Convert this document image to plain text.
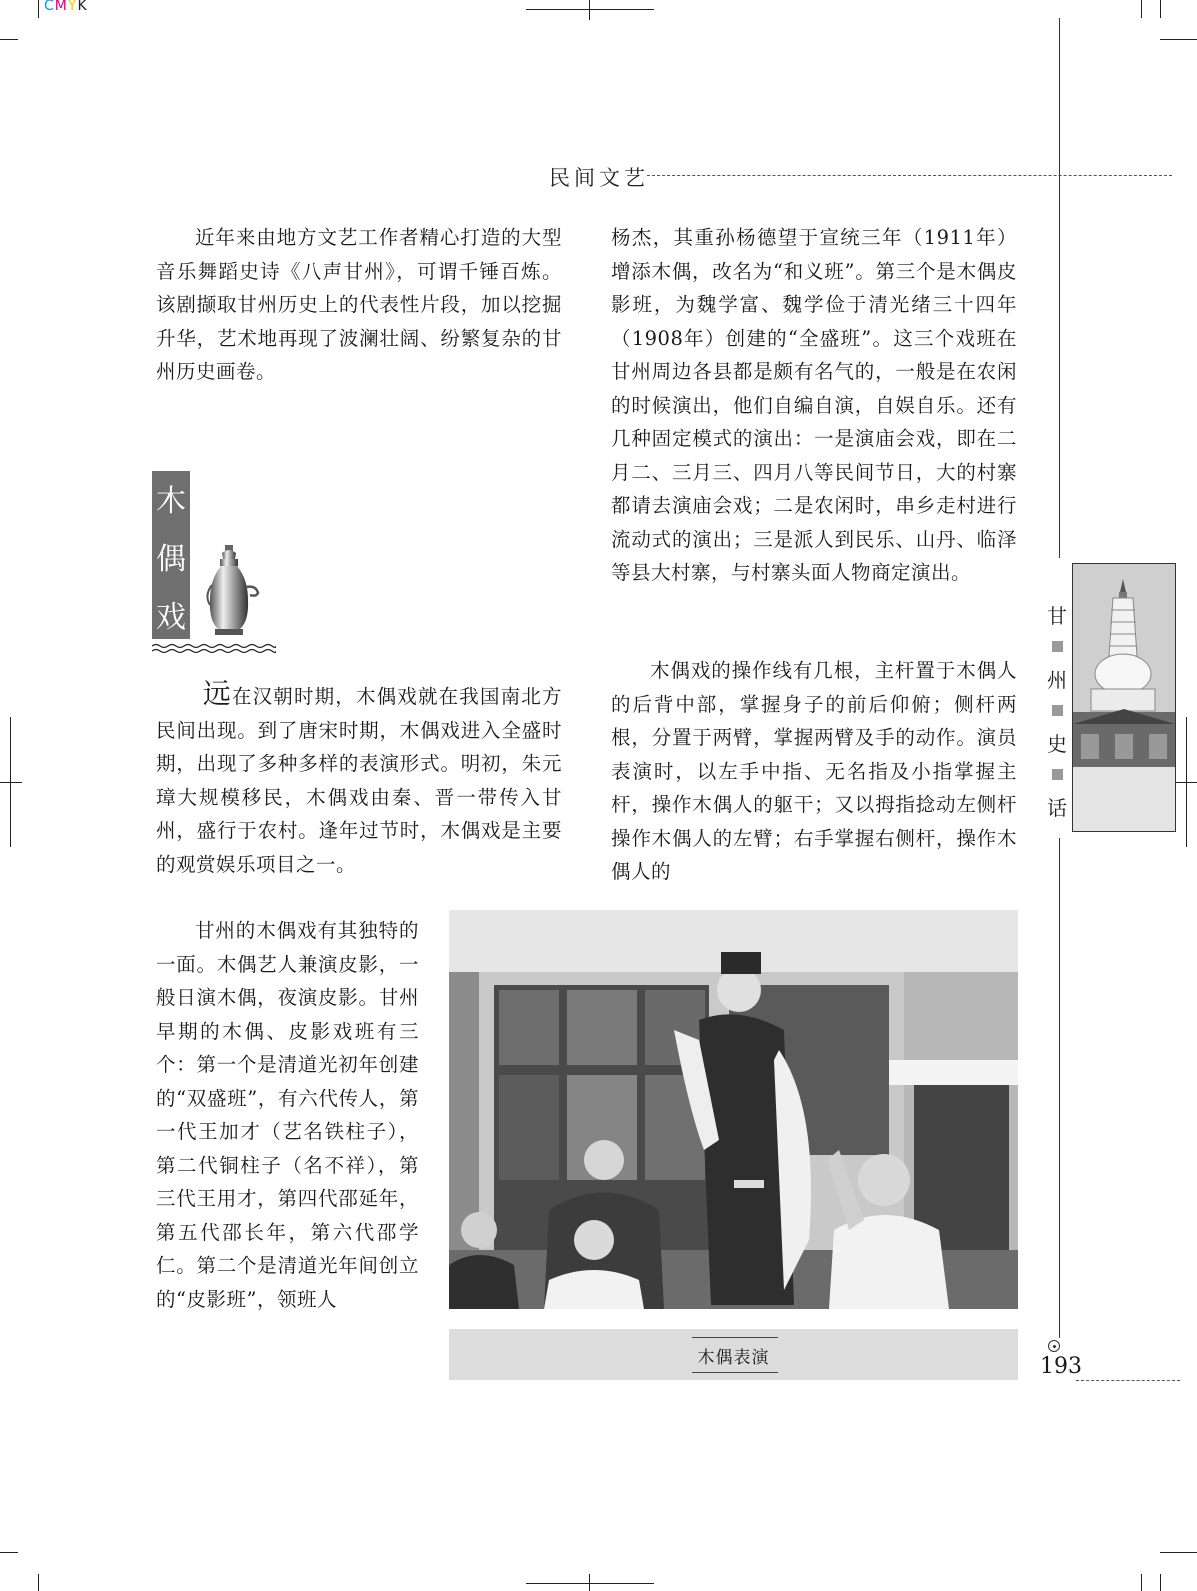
CMYK
民间文艺

近年来由地方文艺工作者精心打造的大型音乐舞蹈史诗《八声甘州》，可谓千锤百炼。该剧撷取甘州历史上的代表性片段，加以挖掘升华，艺术地再现了波澜壮阔、纷繁复杂的甘州历史画卷。

木
偶
戏

远在汉朝时期，木偶戏就在我国南北方民间出现。到了唐宋时期，木偶戏进入全盛时期，出现了多种多样的表演形式。明初，朱元璋大规模移民，木偶戏由秦、晋一带传入甘州，盛行于农村。逢年过节时，木偶戏是主要的观赏娱乐项目之一。

甘州的木偶戏有其独特的一面。木偶艺人兼演皮影，一般日演木偶，夜演皮影。甘州早期的木偶、皮影戏班有三个：第一个是清道光初年创建的“双盛班”，有六代传人，第一代王加才（艺名铁柱子），第二代铜柱子（名不祥），第三代王用才，第四代邵延年，第五代邵长年，第六代邵学仁。第二个是清道光年间创立的“皮影班”，领班人

杨杰，其重孙杨德望于宣统三年（1911年）增添木偶，改名为“和义班”。第三个是木偶皮影班，为魏学富、魏学俭于清光绪三十四年（1908年）创建的“全盛班”。这三个戏班在甘州周边各县都是颇有名气的，一般是在农闲的时候演出，他们自编自演，自娱自乐。还有几种固定模式的演出：一是演庙会戏，即在二月二、三月三、四月八等民间节日，大的村寨都请去演庙会戏；二是农闲时，串乡走村进行流动式的演出；三是派人到民乐、山丹、临泽等县大村寨，与村寨头面人物商定演出。

木偶戏的操作线有几根，主杆置于木偶人的后背中部，掌握身子的前后仰俯；侧杆两根，分置于两臂，掌握两臂及手的动作。演员表演时，以左手中指、无名指及小指掌握主杆，操作木偶人的躯干；又以拇指捻动左侧杆操作木偶人的左臂；右手掌握右侧杆，操作木偶人的

木偶表演
甘
州
史
话
193
